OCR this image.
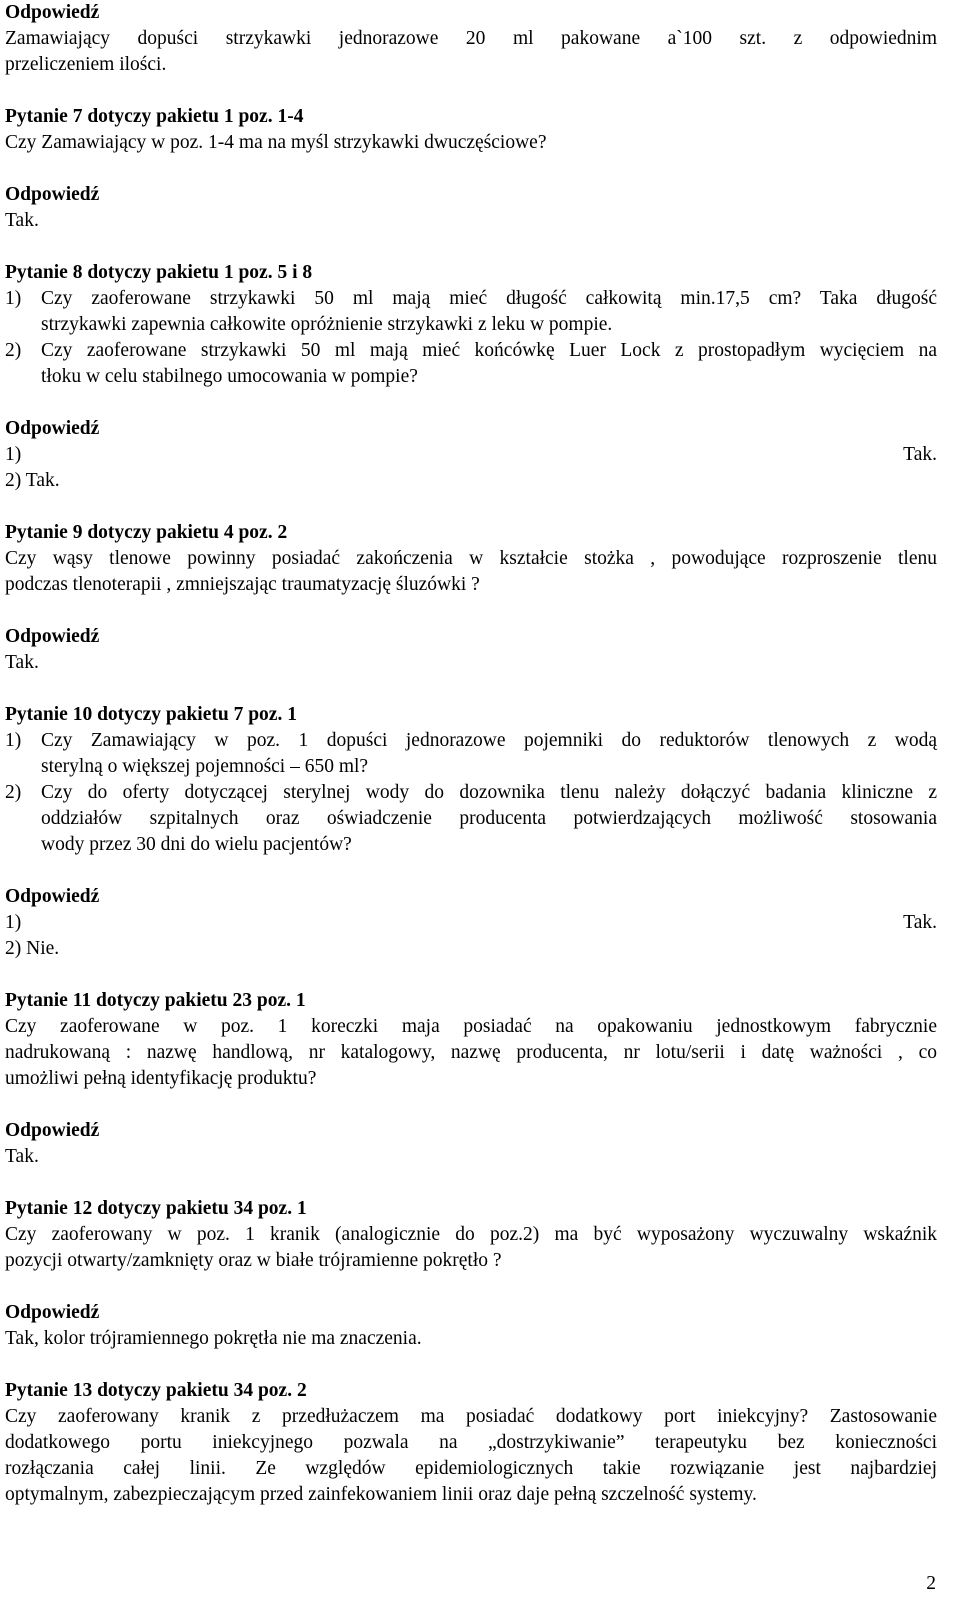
Odpowiedź
Zamawiający dopuści strzykawki jednorazowe 20 ml pakowane a`100 szt. z odpowiednim
przeliczeniem ilości.
Pytanie 7 dotyczy pakietu 1 poz. 1-4
Czy Zamawiający w poz. 1-4 ma na myśl strzykawki dwuczęściowe?
Odpowiedź
Tak.
Pytanie 8 dotyczy pakietu 1 poz. 5 i 8
1)	Czy zaoferowane strzykawki 50 ml mają mieć długość całkowitą min.17,5 cm? Taka długość
strzykawki zapewnia całkowite opróżnienie strzykawki z leku w pompie.
2)	Czy zaoferowane strzykawki 50 ml mają mieć końcówkę Luer Lock z prostopadłym wycięciem na
tłoku w celu stabilnego umocowania w pompie?
Odpowiedź
1) Tak.
2) Tak.
Pytanie 9 dotyczy pakietu 4 poz. 2
Czy wąsy tlenowe powinny posiadać zakończenia w kształcie stożka , powodujące rozproszenie tlenu
podczas tlenoterapii , zmniejszając traumatyzację śluzówki ?
Odpowiedź
Tak.
Pytanie 10 dotyczy pakietu 7 poz. 1
1)	Czy Zamawiający w poz. 1 dopuści jednorazowe pojemniki do reduktorów tlenowych z wodą
sterylną o większej pojemności – 650 ml?
2)	Czy do oferty dotyczącej sterylnej wody do dozownika tlenu należy dołączyć badania kliniczne z
oddziałów szpitalnych oraz oświadczenie producenta potwierdzających możliwość stosowania
wody przez 30 dni do wielu pacjentów?
Odpowiedź
1) Tak.
2) Nie.
Pytanie 11 dotyczy pakietu 23 poz. 1
Czy zaoferowane w poz. 1 koreczki maja posiadać na opakowaniu jednostkowym fabrycznie
nadrukowaną : nazwę handlową, nr katalogowy, nazwę producenta, nr lotu/serii i datę ważności , co
umożliwi pełną identyfikację produktu?
Odpowiedź
Tak.
Pytanie 12 dotyczy pakietu 34 poz. 1
Czy zaoferowany w poz. 1 kranik (analogicznie do poz.2) ma być wyposażony wyczuwalny wskaźnik
pozycji otwarty/zamknięty oraz w białe trójramienne pokrętło ?
Odpowiedź
Tak, kolor trójramiennego pokrętła nie ma znaczenia.
Pytanie 13 dotyczy pakietu 34 poz. 2
Czy zaoferowany kranik z przedłużaczem ma posiadać dodatkowy port iniekcyjny? Zastosowanie
dodatkowego portu iniekcyjnego pozwala na „dostrzykiwanie” terapeutyku bez konieczności
rozłączania całej linii. Ze względów epidemiologicznych takie rozwiązanie jest najbardziej
optymalnym, zabezpieczającym przed zainfekowaniem linii oraz daje pełną szczelność systemy.
2
